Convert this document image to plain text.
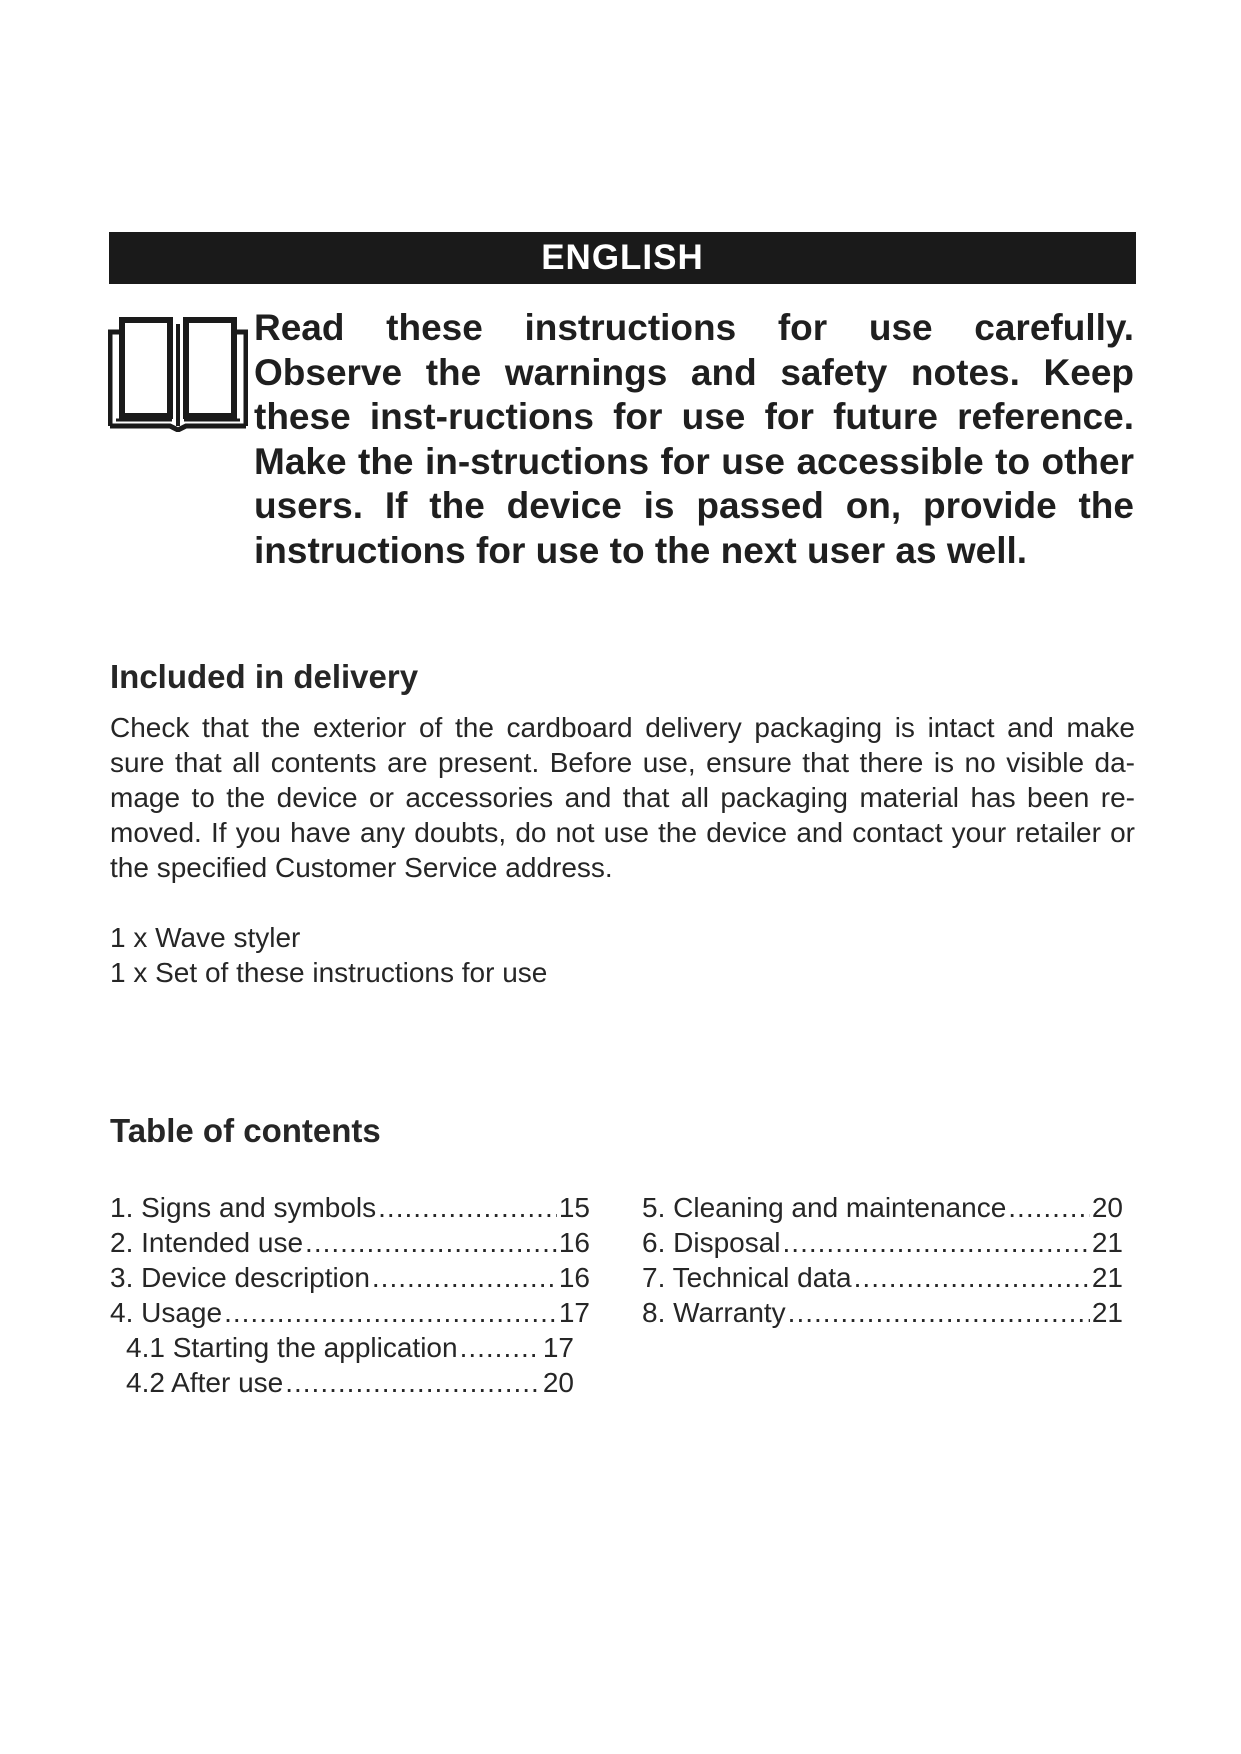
ENGLISH

Read these instructions for use carefully. Observe the warnings and safety notes. Keep these inst-ructions for use for future reference. Make the in-structions for use accessible to other users. If the device is passed on, provide the instructions for use to the next user as well.

Included in delivery

Check that the exterior of the cardboard delivery packaging is intact and make sure that all contents are present. Before use, ensure that there is no visible da-mage to the device or accessories and that all packaging material has been re-moved. If you have any doubts, do not use the device and contact your retailer or the specified Customer Service address.

1 x Wave styler
1 x Set of these instructions for use
Table of contents
1. Signs and symbols .....	15
2. Intended use .....	16
3. Device description .....	16
4. Usage .....	17
4.1 Starting the application .....	17
4.2 After use .....	20
5. Cleaning and maintenance .....	20
6. Disposal .....	21
7. Technical data .....	21
8. Warranty .....	21
